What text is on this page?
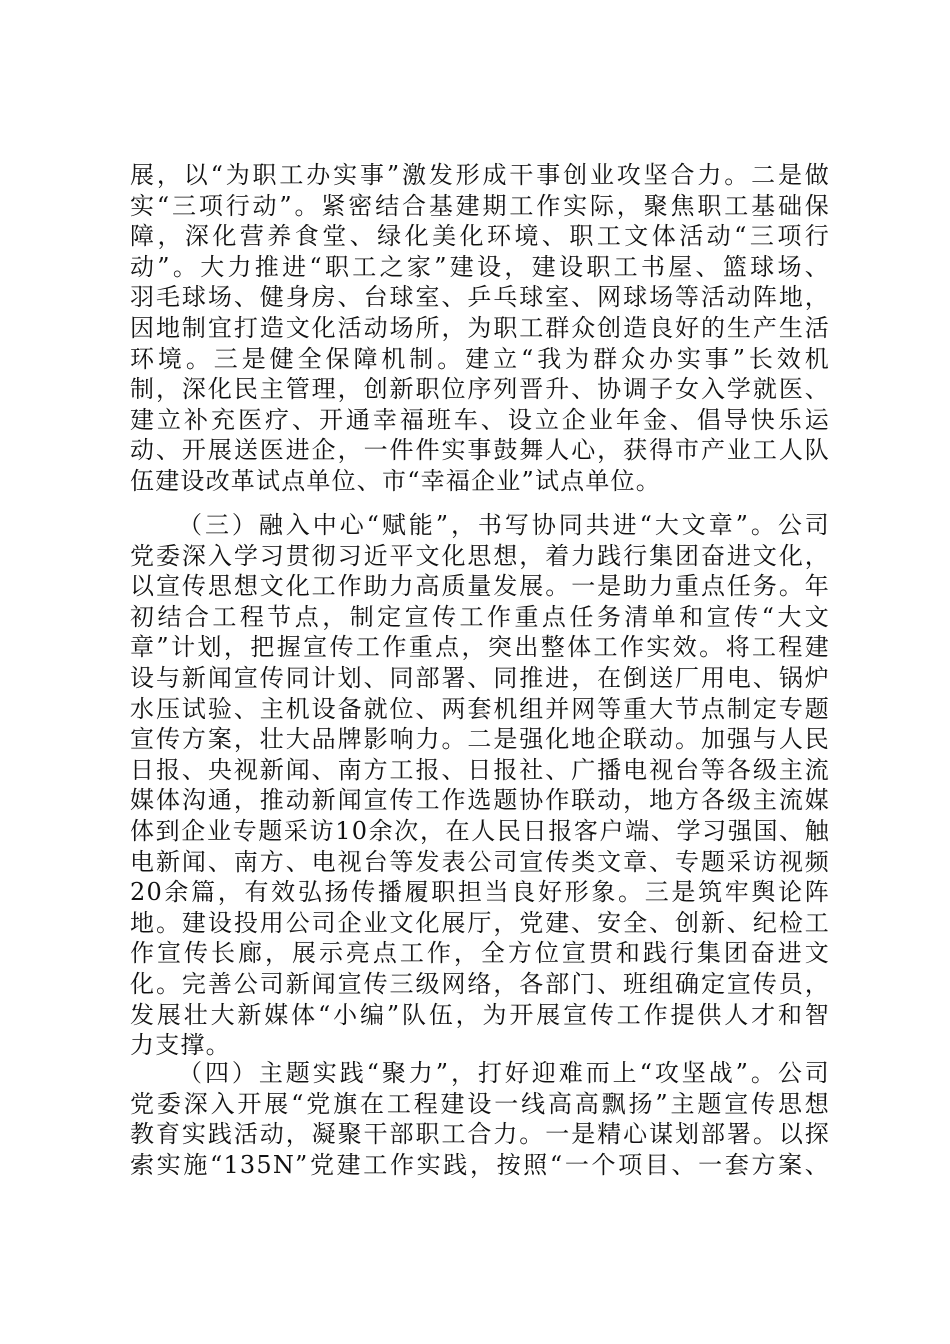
展，以“为职工办实事”激发形成干事创业攻坚合力。二是做
实“三项行动”。紧密结合基建期工作实际，聚焦职工基础保
障，深化营养食堂、绿化美化环境、职工文体活动“三项行
动”。大力推进“职工之家”建设，建设职工书屋、篮球场、
羽毛球场、健身房、台球室、乒乓球室、网球场等活动阵地，
因地制宜打造文化活动场所，为职工群众创造良好的生产生活
环境。三是健全保障机制。建立“我为群众办实事”长效机
制，深化民主管理，创新职位序列晋升、协调子女入学就医、
建立补充医疗、开通幸福班车、设立企业年金、倡导快乐运
动、开展送医进企，一件件实事鼓舞人心，获得市产业工人队
伍建设改革试点单位、市“幸福企业”试点单位。
（三）融入中心“赋能”，书写协同共进“大文章”。公司
党委深入学习贯彻习近平文化思想，着力践行集团奋进文化，
以宣传思想文化工作助力高质量发展。一是助力重点任务。年
初结合工程节点，制定宣传工作重点任务清单和宣传“大文
章”计划，把握宣传工作重点，突出整体工作实效。将工程建
设与新闻宣传同计划、同部署、同推进，在倒送厂用电、锅炉
水压试验、主机设备就位、两套机组并网等重大节点制定专题
宣传方案，壮大品牌影响力。二是强化地企联动。加强与人民
日报、央视新闻、南方工报、日报社、广播电视台等各级主流
媒体沟通，推动新闻宣传工作选题协作联动，地方各级主流媒
体到企业专题采访10余次，在人民日报客户端、学习强国、触
电新闻、南方、电视台等发表公司宣传类文章、专题采访视频
20余篇，有效弘扬传播履职担当良好形象。三是筑牢舆论阵
地。建设投用公司企业文化展厅，党建、安全、创新、纪检工
作宣传长廊，展示亮点工作，全方位宣贯和践行集团奋进文
化。完善公司新闻宣传三级网络，各部门、班组确定宣传员，
发展壮大新媒体“小编”队伍，为开展宣传工作提供人才和智
力支撑。
（四）主题实践“聚力”，打好迎难而上“攻坚战”。公司
党委深入开展“党旗在工程建设一线高高飘扬”主题宣传思想
教育实践活动，凝聚干部职工合力。一是精心谋划部署。以探
索实施“135N”党建工作实践，按照“一个项目、一套方案、
